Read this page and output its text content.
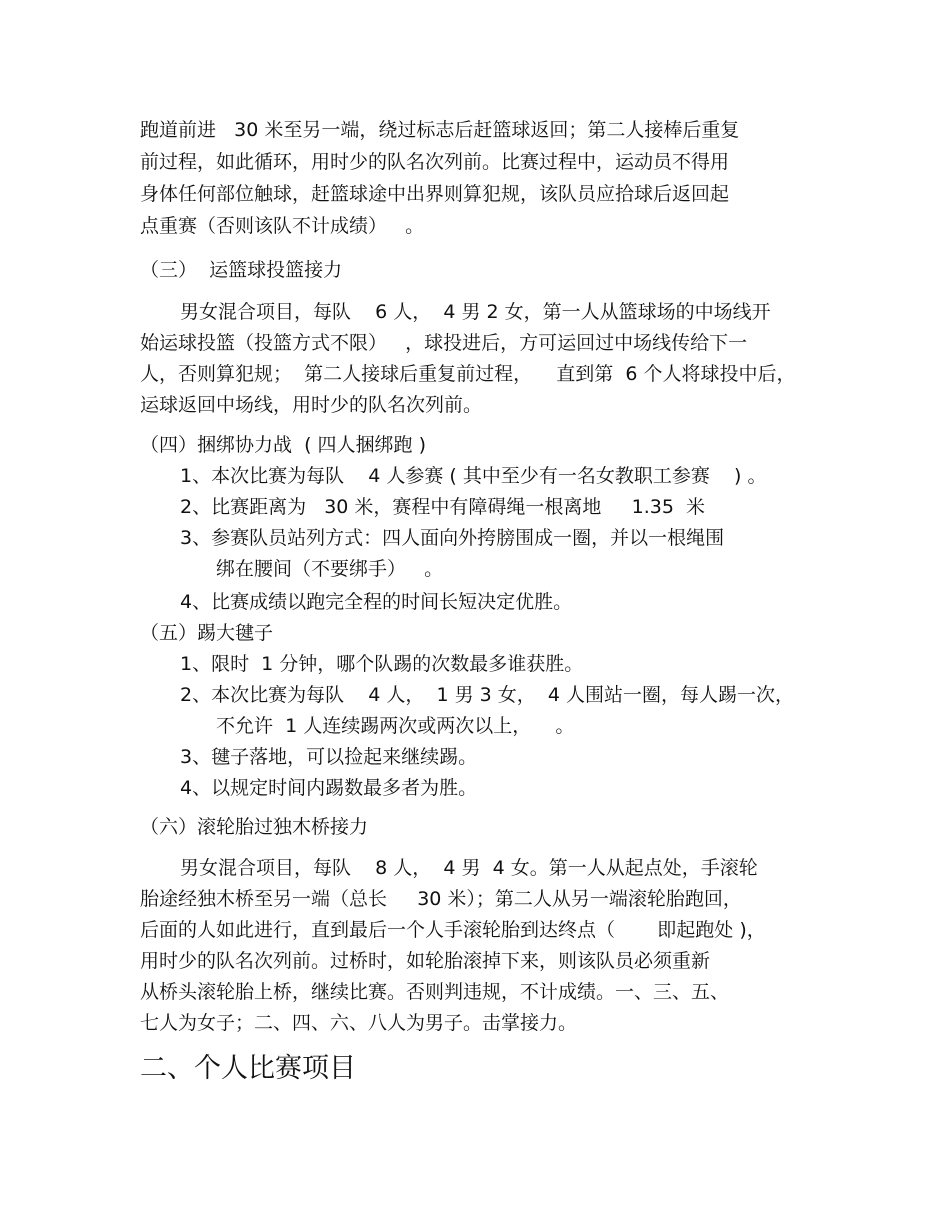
跑道前进   30 米至另一端，绕过标志后赶篮球返回；第二人接棒后重复
前过程，如此循环，用时少的队名次列前。比赛过程中，运动员不得用
身体任何部位触球，赶篮球途中出界则算犯规，该队员应拾球后返回起
点重赛（否则该队不计成绩）   。
（三）  运篮球投篮接力
男女混合项目，每队    6 人，  4 男 2 女，第一人从篮球场的中场线开
始运球投篮（投篮方式不限）   ，球投进后，方可运回过中场线传给下一
人，否则算犯规；  第二人接球后重复前过程，    直到第  6 个人将球投中后，
运球返回中场线，用时少的队名次列前。
（四）捆绑协力战  ( 四人捆绑跑 )
1、本次比赛为每队    4 人参赛 ( 其中至少有一名女教职工参赛    ) 。
2、比赛距离为   30 米，赛程中有障碍绳一根离地     1.35  米
3、参赛队员站列方式：四人面向外挎膀围成一圈，并以一根绳围
绑在腰间（不要绑手）   。
4、比赛成绩以跑完全程的时间长短决定优胜。
（五）踢大毽子
1、限时  1 分钟，哪个队踢的次数最多谁获胜。
2、本次比赛为每队    4 人，  1 男 3 女，  4 人围站一圈，每人踢一次，
不允许  1 人连续踢两次或两次以上，    。
3、毽子落地，可以捡起来继续踢。
4、以规定时间内踢数最多者为胜。
（六）滚轮胎过独木桥接力
男女混合项目，每队    8 人，  4 男  4 女。第一人从起点处，手滚轮
胎途经独木桥至另一端（总长     30 米）；第二人从另一端滚轮胎跑回，
后面的人如此进行，直到最后一个人手滚轮胎到达终点（       即起跑处 )，
用时少的队名次列前。过桥时，如轮胎滚掉下来，则该队员必须重新
从桥头滚轮胎上桥，继续比赛。否则判违规，不计成绩。一、三、五、
七人为女子；二、四、六、八人为男子。击掌接力。
二、个人比赛项目
